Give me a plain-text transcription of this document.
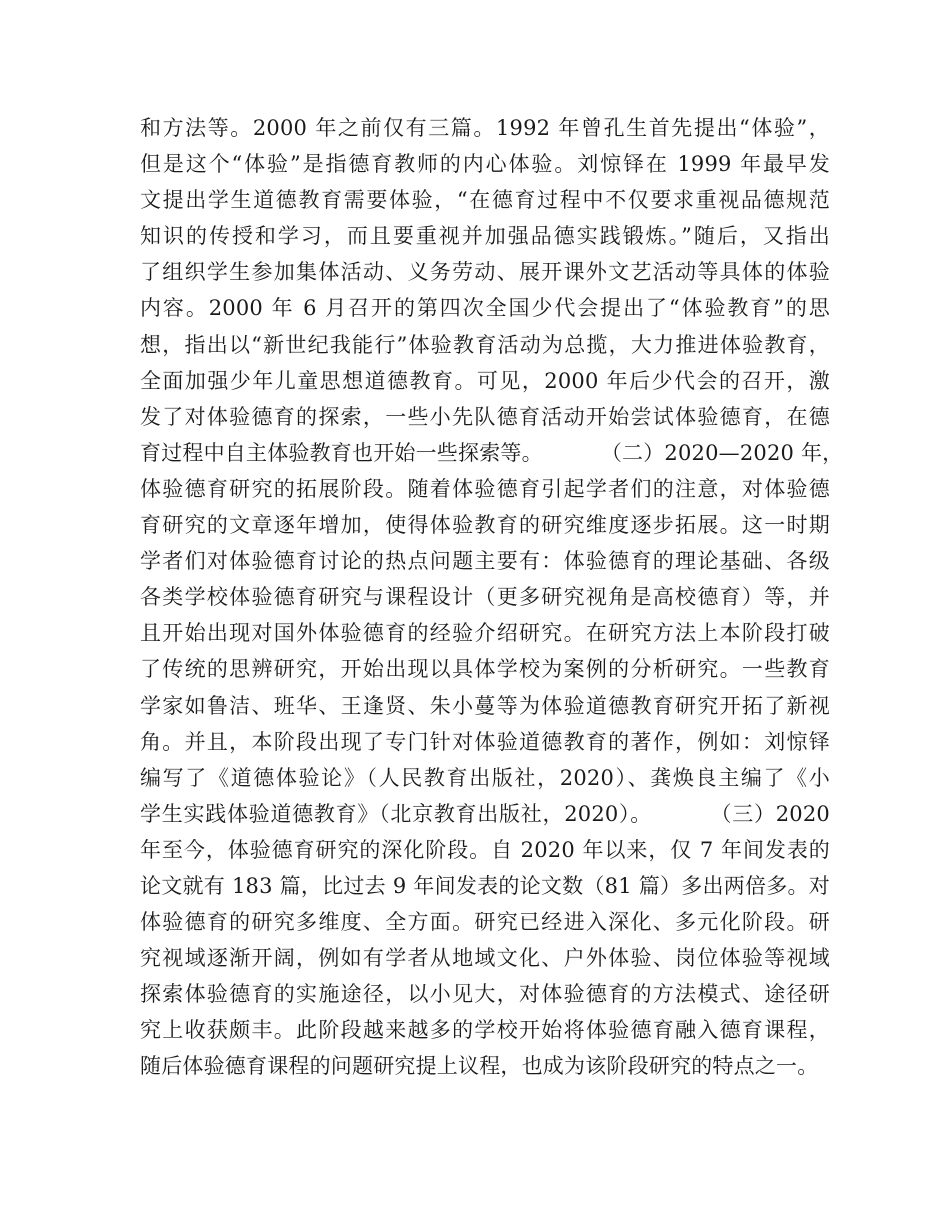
和方法等。2000 年之前仅有三篇。1992 年曾孔生首先提出“体验”，
但是这个“体验”是指德育教师的内心体验。刘惊铎在 1999 年最早发
文提出学生道德教育需要体验，“在德育过程中不仅要求重视品德规范
知识的传授和学习，而且要重视并加强品德实践锻炼。”随后，又指出
了组织学生参加集体活动、义务劳动、展开课外文艺活动等具体的体验
内容。2000 年 6 月召开的第四次全国少代会提出了“体验教育”的思
想，指出以“新世纪我能行”体验教育活动为总揽，大力推进体验教育，
全面加强少年儿童思想道德教育。可见，2000 年后少代会的召开，激
发了对体验德育的探索，一些小先队德育活动开始尝试体验德育，在德
育过程中自主体验教育也开始一些探索等。	（二）2020—2020 年，
体验德育研究的拓展阶段。随着体验德育引起学者们的注意，对体验德
育研究的文章逐年增加，使得体验教育的研究维度逐步拓展。这一时期
学者们对体验德育讨论的热点问题主要有：体验德育的理论基础、各级
各类学校体验德育研究与课程设计（更多研究视角是高校德育）等，并
且开始出现对国外体验德育的经验介绍研究。在研究方法上本阶段打破
了传统的思辨研究，开始出现以具体学校为案例的分析研究。一些教育
学家如鲁洁、班华、王逢贤、朱小蔓等为体验道德教育研究开拓了新视
角。并且，本阶段出现了专门针对体验道德教育的著作，例如：刘惊铎
编写了《道德体验论》（人民教育出版社，2020）、龚焕良主编了《小
学生实践体验道德教育》（北京教育出版社，2020）。	（三）2020
年至今，体验德育研究的深化阶段。自 2020 年以来，仅 7 年间发表的
论文就有 183 篇，比过去 9 年间发表的论文数（81 篇）多出两倍多。对
体验德育的研究多维度、全方面。研究已经进入深化、多元化阶段。研
究视域逐渐开阔，例如有学者从地域文化、户外体验、岗位体验等视域
探索体验德育的实施途径，以小见大，对体验德育的方法模式、途径研
究上收获颇丰。此阶段越来越多的学校开始将体验德育融入德育课程，
随后体验德育课程的问题研究提上议程，也成为该阶段研究的特点之一。
